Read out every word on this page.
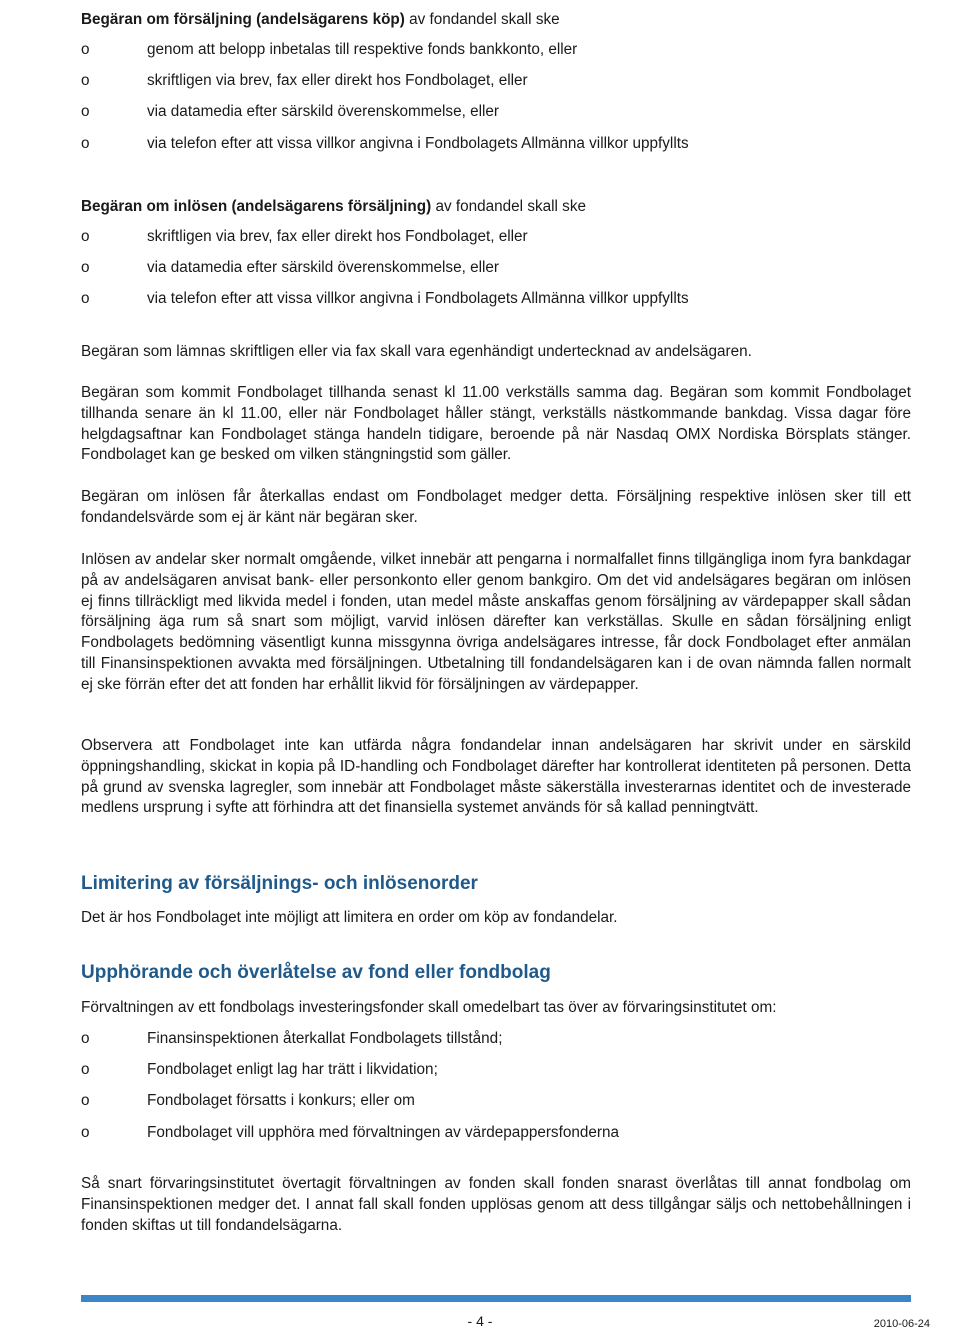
Begäran om försäljning (andelsägarens köp) av fondandel skall ske

o	genom att belopp inbetalas till respektive fonds bankkonto, eller
o	skriftligen via brev, fax eller direkt hos Fondbolaget, eller
o	via datamedia efter särskild överenskommelse, eller
o	via telefon efter att vissa villkor angivna i Fondbolagets Allmänna villkor uppfyllts

Begäran om inlösen (andelsägarens försäljning) av fondandel skall ske

o	skriftligen via brev, fax eller direkt hos Fondbolaget, eller
o	via datamedia efter särskild överenskommelse, eller
o	via telefon efter att vissa villkor angivna i Fondbolagets Allmänna villkor uppfyllts

Begäran som lämnas skriftligen eller via fax skall vara egenhändigt undertecknad av andelsägaren.

Begäran som kommit Fondbolaget tillhanda senast kl 11.00 verkställs samma dag. Begäran som kommit Fondbolaget tillhanda senare än kl 11.00, eller när Fondbolaget håller stängt, verkställs nästkommande bankdag. Vissa dagar före helgdagsaftnar kan Fondbolaget stänga handeln tidigare, beroende på när Nasdaq OMX Nordiska Börsplats stänger. Fondbolaget kan ge besked om vilken stängningstid som gäller.

Begäran om inlösen får återkallas endast om Fondbolaget medger detta. Försäljning respektive inlösen sker till ett fondandelsvärde som ej är känt när begäran sker.

Inlösen av andelar sker normalt omgående, vilket innebär att pengarna i normalfallet finns tillgängliga inom fyra bankdagar på av andelsägaren anvisat bank- eller personkonto eller genom bankgiro. Om det vid andelsägares begäran om inlösen ej finns tillräckligt med likvida medel i fonden, utan medel måste anskaffas genom försäljning av värdepapper skall sådan försäljning äga rum så snart som möjligt, varvid inlösen därefter kan verkställas. Skulle en sådan försäljning enligt Fondbolagets bedömning väsentligt kunna missgynna övriga andelsägares intresse, får dock Fondbolaget efter anmälan till Finansinspektionen avvakta med försäljningen. Utbetalning till fondandelsägaren kan i de ovan nämnda fallen normalt ej ske förrän efter det att fonden har erhållit likvid för försäljningen av värdepapper.

Observera att Fondbolaget inte kan utfärda några fondandelar innan andelsägaren har skrivit under en särskild öppningshandling, skickat in kopia på ID-handling och Fondbolaget därefter har kontrollerat identiteten på personen. Detta på grund av svenska lagregler, som innebär att Fondbolaget måste säkerställa investerarnas identitet och de investerade medlens ursprung i syfte att förhindra att det finansiella systemet används för så kallad penningtvätt.

Limitering av försäljnings- och inlösenorder

Det är hos Fondbolaget inte möjligt att limitera en order om köp av fondandelar.

Upphörande och överlåtelse av fond eller fondbolag

Förvaltningen av ett fondbolags investeringsfonder skall omedelbart tas över av förvaringsinstitutet om:

o	Finansinspektionen återkallat Fondbolagets tillstånd;
o	Fondbolaget enligt lag har trätt i likvidation;
o	Fondbolaget försatts i konkurs; eller om
o	Fondbolaget vill upphöra med förvaltningen av värdepappersfonderna

Så snart förvaringsinstitutet övertagit förvaltningen av fonden skall fonden snarast överlåtas till annat fondbolag om Finansinspektionen medger det. I annat fall skall fonden upplösas genom att dess tillgångar säljs och nettobehållningen i fonden skiftas ut till fondandelsägarna.

- 4 -	2010-06-24
